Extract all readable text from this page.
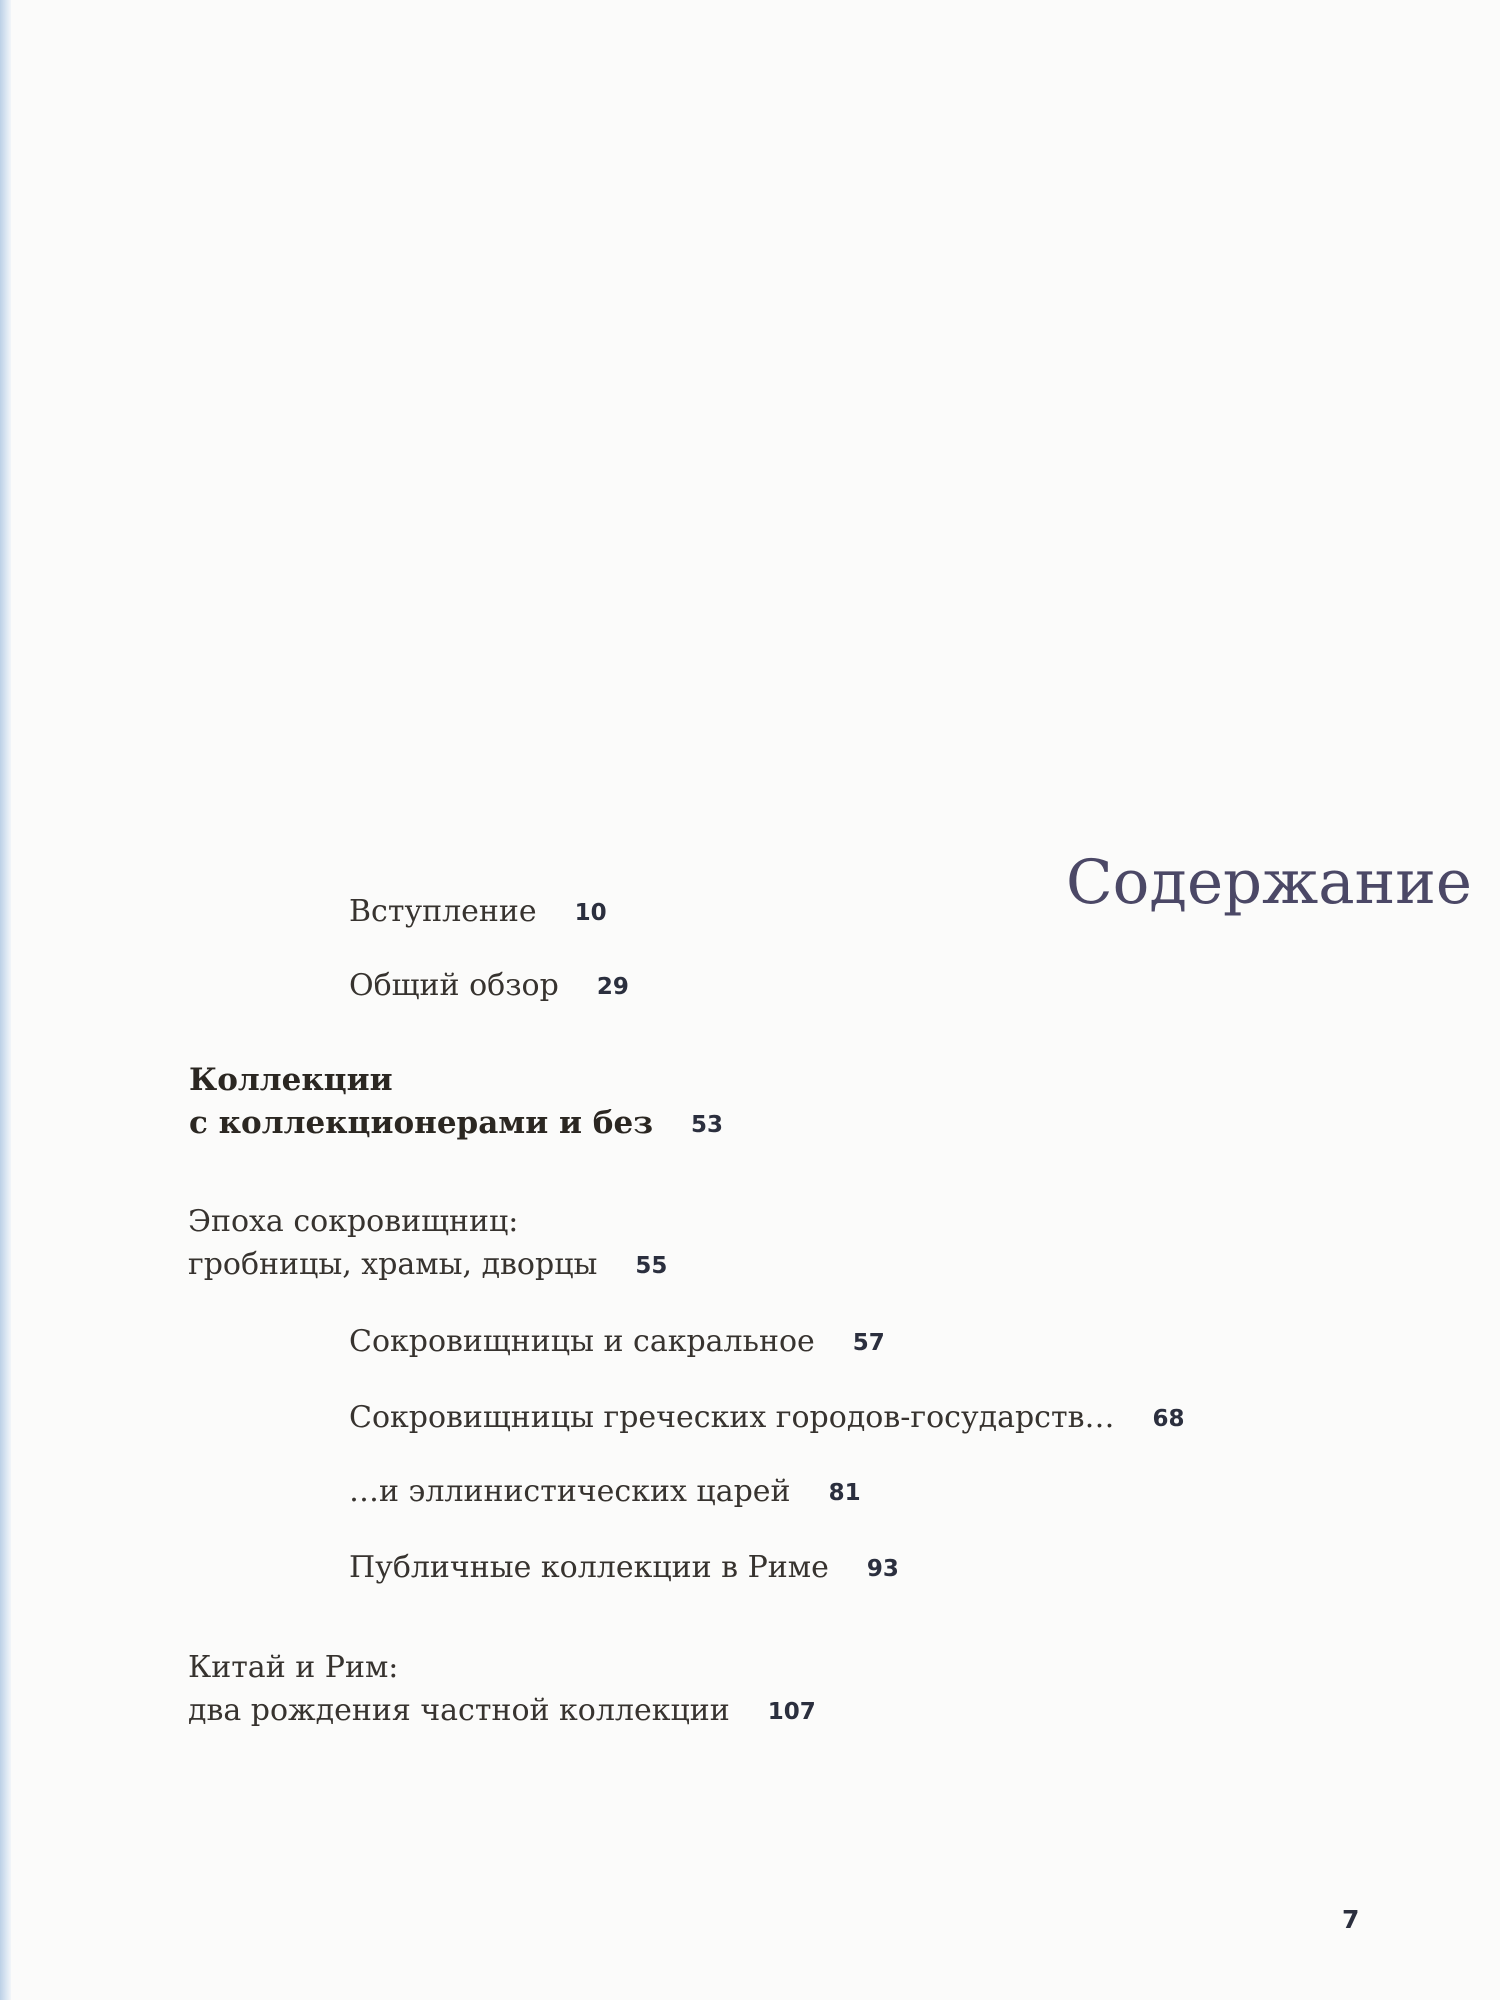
Содержание
Вступление 10
Общий обзор 29
Коллекции
с коллекционерами и без 53
Эпоха сокровищниц:
гробницы, храмы, дворцы 55
Сокровищницы и сакральное 57
Сокровищницы греческих городов-государств… 68
…и эллинистических царей 81
Публичные коллекции в Риме 93
Китай и Рим:
два рождения частной коллекции 107
7
